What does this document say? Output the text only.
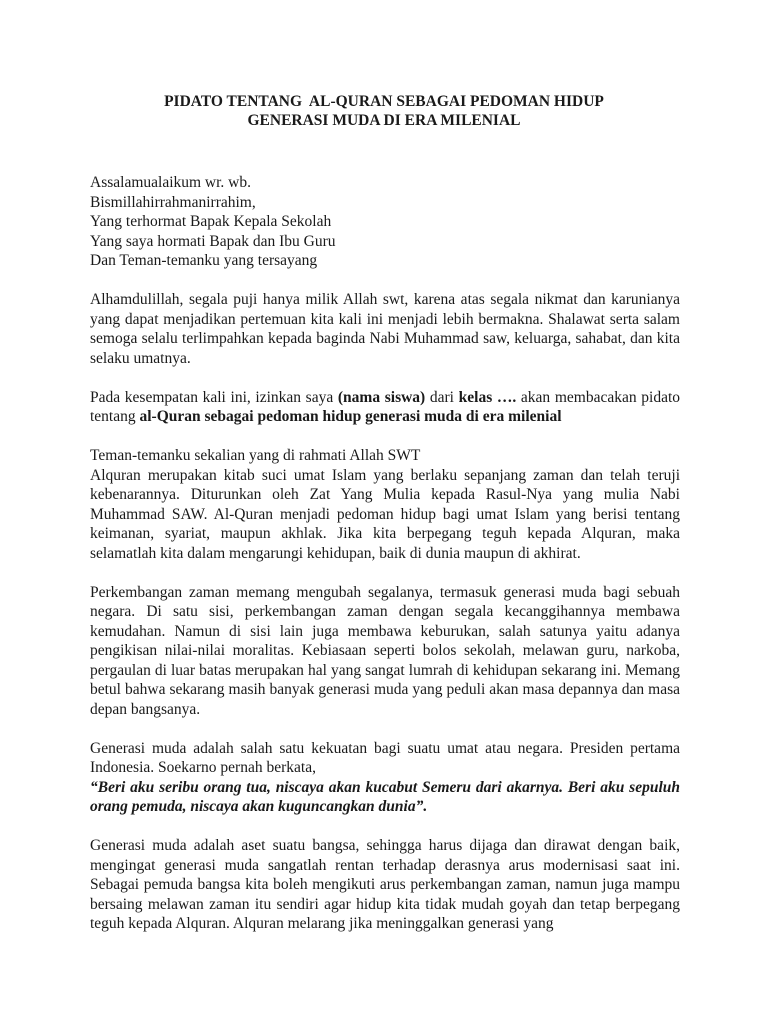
PIDATO TENTANG  AL-QURAN SEBAGAI PEDOMAN HIDUP
GENERASI MUDA DI ERA MILENIAL

Assalamualaikum wr. wb.
Bismillahirrahmanirrahim,
Yang terhormat Bapak Kepala Sekolah
Yang saya hormati Bapak dan Ibu Guru
Dan Teman-temanku yang tersayang

Alhamdulillah, segala puji hanya milik Allah swt, karena atas segala nikmat dan karunianya yang dapat menjadikan pertemuan kita kali ini menjadi lebih bermakna. Shalawat serta salam semoga selalu terlimpahkan kepada baginda Nabi Muhammad saw, keluarga, sahabat, dan kita selaku umatnya.

Pada kesempatan kali ini, izinkan saya (nama siswa) dari kelas …. akan membacakan pidato tentang al-Quran sebagai pedoman hidup generasi muda di era milenial

Teman-temanku sekalian yang di rahmati Allah SWT

Alquran merupakan kitab suci umat Islam yang berlaku sepanjang zaman dan telah teruji kebenarannya. Diturunkan oleh Zat Yang Mulia kepada Rasul-Nya yang mulia Nabi Muhammad SAW. Al-Quran menjadi pedoman hidup bagi umat Islam yang berisi tentang keimanan, syariat, maupun akhlak. Jika kita berpegang teguh kepada Alquran, maka selamatlah kita dalam mengarungi kehidupan, baik di dunia maupun di akhirat.

Perkembangan zaman memang mengubah segalanya, termasuk generasi muda bagi sebuah negara. Di satu sisi, perkembangan zaman dengan segala kecanggihannya membawa kemudahan. Namun di sisi lain juga membawa keburukan, salah satunya yaitu adanya pengikisan nilai-nilai moralitas. Kebiasaan seperti bolos sekolah, melawan guru, narkoba, pergaulan di luar batas merupakan hal yang sangat lumrah di kehidupan sekarang ini. Memang betul bahwa sekarang masih banyak generasi muda yang peduli akan masa depannya dan masa depan bangsanya.

Generasi muda adalah salah satu kekuatan bagi suatu umat atau negara. Presiden pertama Indonesia. Soekarno pernah berkata,

“Beri aku seribu orang tua, niscaya akan kucabut Semeru dari akarnya. Beri aku sepuluh orang pemuda, niscaya akan kuguncangkan dunia”.

Generasi muda adalah aset suatu bangsa, sehingga harus dijaga dan dirawat dengan baik, mengingat generasi muda sangatlah rentan terhadap derasnya arus modernisasi saat ini. Sebagai pemuda bangsa kita boleh mengikuti arus perkembangan zaman, namun juga mampu bersaing melawan zaman itu sendiri agar hidup kita tidak mudah goyah dan tetap berpegang teguh kepada Alquran. Alquran melarang jika meninggalkan generasi yang
